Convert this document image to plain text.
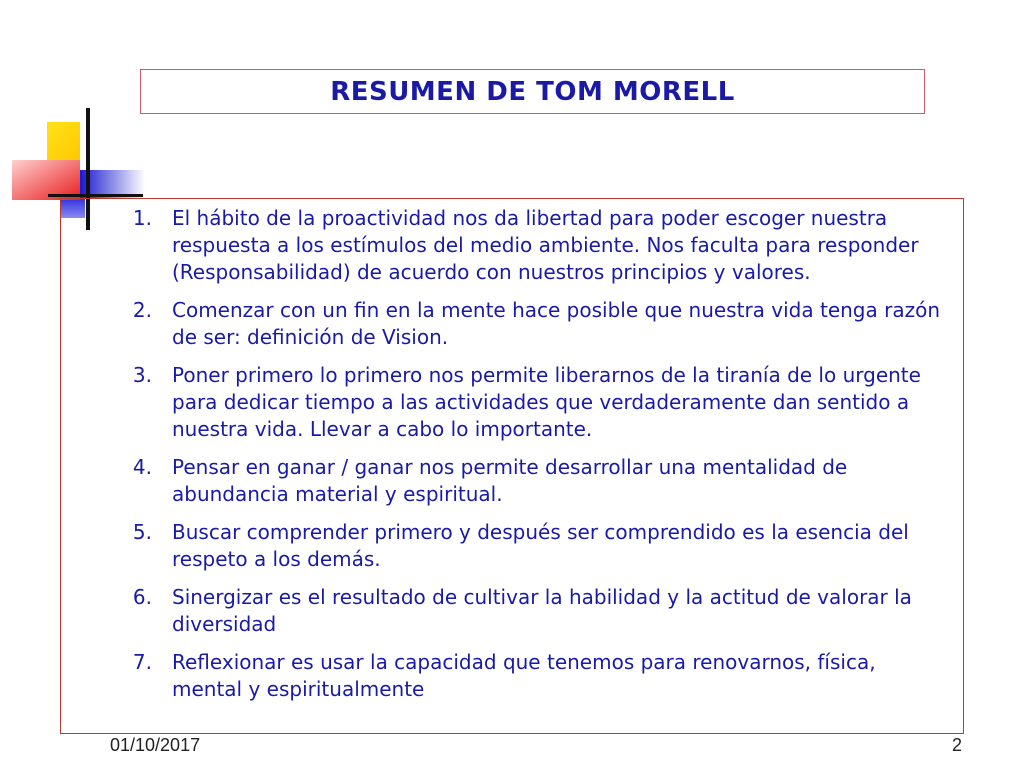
RESUMEN DE TOM MORELL
1.	El hábito de la proactividad nos da libertad para poder escoger nuestra respuesta a los estímulos del medio ambiente. Nos faculta para responder (Responsabilidad) de acuerdo con nuestros principios y valores.
2.	Comenzar con un fin en la mente hace posible que nuestra vida tenga razón de ser: definición de Vision.
3.	Poner primero lo primero nos permite liberarnos de la tiranía de lo urgente para dedicar tiempo a las actividades que verdaderamente dan sentido a nuestra vida. Llevar a cabo lo importante.
4.	Pensar en ganar / ganar nos permite desarrollar una mentalidad de abundancia material y espiritual.
5.	Buscar comprender primero y después ser comprendido es la esencia del respeto a los demás.
6.	Sinergizar es el resultado de cultivar la habilidad y la actitud de valorar la diversidad
7.	Reflexionar es usar la capacidad que tenemos para renovarnos, física, mental y espiritualmente
01/10/2017	2
